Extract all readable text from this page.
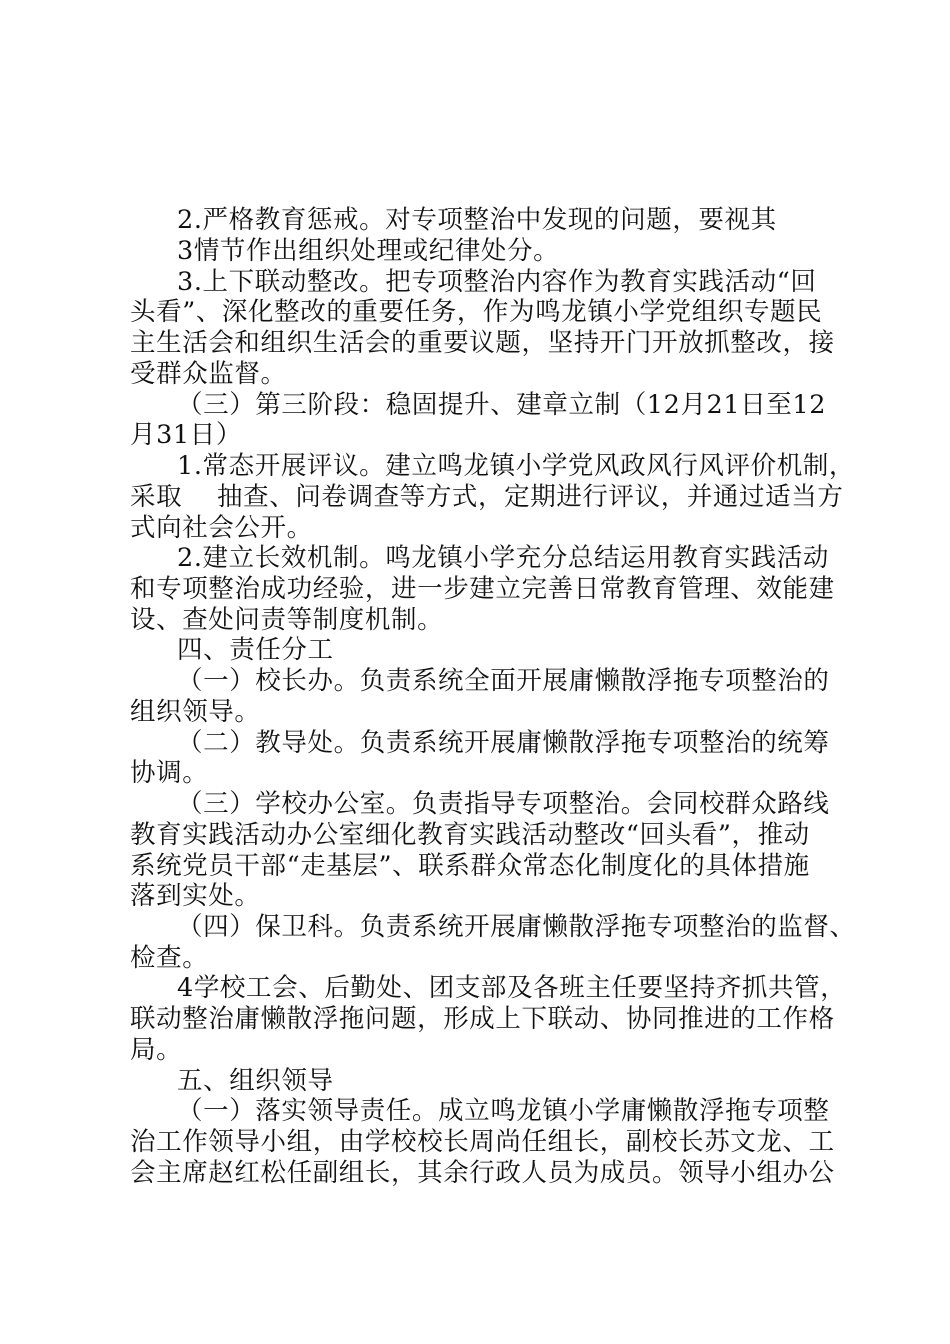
2.严格教育惩戒。对专项整治中发现的问题，要视其
3情节作出组织处理或纪律处分。
3.上下联动整改。把专项整治内容作为教育实践活动“回
头看”、深化整改的重要任务，作为鸣龙镇小学党组织专题民
主生活会和组织生活会的重要议题，坚持开门开放抓整改，接
受群众监督。
（三）第三阶段：稳固提升、建章立制（12月21日至12
月31日）
1.常态开展评议。建立鸣龙镇小学党风政风行风评价机制，
采取    抽查、问卷调查等方式，定期进行评议，并通过适当方
式向社会公开。
2.建立长效机制。鸣龙镇小学充分总结运用教育实践活动
和专项整治成功经验，进一步建立完善日常教育管理、效能建
设、查处问责等制度机制。
四、责任分工
（一）校长办。负责系统全面开展庸懒散浮拖专项整治的
组织领导。
（二）教导处。负责系统开展庸懒散浮拖专项整治的统筹
协调。
（三）学校办公室。负责指导专项整治。会同校群众路线
教育实践活动办公室细化教育实践活动整改“回头看”，推动
系统党员干部“走基层”、联系群众常态化制度化的具体措施
落到实处。
（四）保卫科。负责系统开展庸懒散浮拖专项整治的监督、
检查。
4学校工会、后勤处、团支部及各班主任要坚持齐抓共管，
联动整治庸懒散浮拖问题，形成上下联动、协同推进的工作格
局。
五、组织领导
（一）落实领导责任。成立鸣龙镇小学庸懒散浮拖专项整
治工作领导小组，由学校校长周尚任组长，副校长苏文龙、工
会主席赵红松任副组长，其余行政人员为成员。领导小组办公
